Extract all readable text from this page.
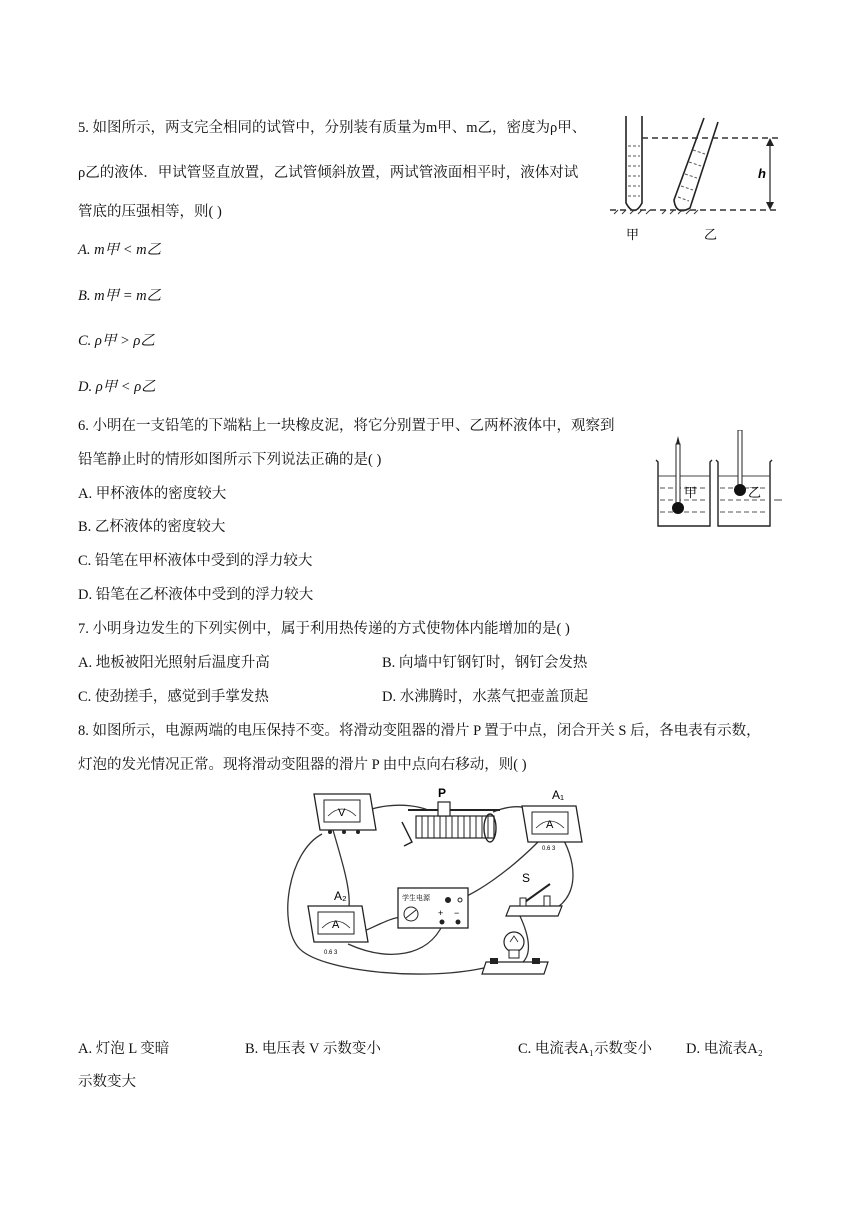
5. 如图所示，两支完全相同的试管中，分别装有质量为m甲、m乙，密度为ρ甲、
ρ乙的液体．甲试管竖直放置，乙试管倾斜放置，两试管液面相平时，液体对试
管底的压强相等，则( )
A. m甲 < m乙
B. m甲 = m乙
C. ρ甲 > ρ乙
D. ρ甲 < ρ乙
h
甲	乙
6. 小明在一支铅笔的下端粘上一块橡皮泥，将它分别置于甲、乙两杯液体中，观察到
铅笔静止时的情形如图所示下列说法正确的是( )
A. 甲杯液体的密度较大
B. 乙杯液体的密度较大
C. 铅笔在甲杯液体中受到的浮力较大
D. 铅笔在乙杯液体中受到的浮力较大
甲	乙
7. 小明身边发生的下列实例中，属于利用热传递的方式使物体内能增加的是( )
A. 地板被阳光照射后温度升高	B. 向墙中钉钢钉时，钢钉会发热
C. 使劲搓手，感觉到手掌发热	D. 水沸腾时，水蒸气把壶盖顶起
8. 如图所示，电源两端的电压保持不变。将滑动变阻器的滑片 P 置于中点，闭合开关 S 后，各电表有示数，
灯泡的发光情况正常。现将滑动变阻器的滑片 P 由中点向右移动，则( )
V
P
A
0.6 3
A₁
A
0.6 3
A₂	学生电源
+ −
S
A. 灯泡 L 变暗	B. 电压表 V 示数变小	C. 电流表A₁示数变小 D. 电流表A₂
示数变大
